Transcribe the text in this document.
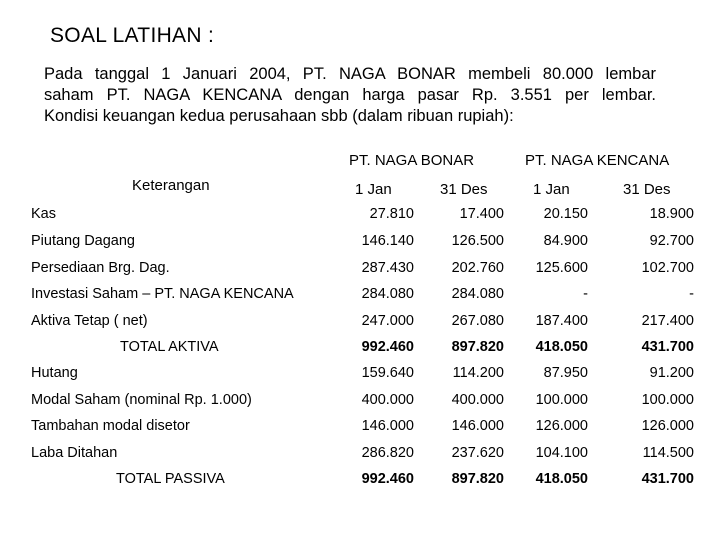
SOAL LATIHAN :
Pada tanggal 1 Januari 2004, PT. NAGA BONAR membeli 80.000 lembar
saham PT. NAGA KENCANA dengan harga pasar Rp. 3.551 per lembar.
Kondisi keuangan kedua perusahaan sbb (dalam ribuan rupiah):
PT. NAGA BONAR	PT. NAGA KENCANA
Keterangan	1 Jan	31 Des	1 Jan	31 Des
Kas	27.810	17.400	20.150	18.900
Piutang Dagang	146.140	126.500	84.900	92.700
Persediaan Brg. Dag.	287.430	202.760	125.600	102.700
Investasi Saham – PT. NAGA KENCANA	284.080	284.080	-	-
Aktiva Tetap ( net)	247.000	267.080	187.400	217.400
TOTAL AKTIVA	992.460	897.820	418.050	431.700
Hutang	159.640	114.200	87.950	91.200
Modal Saham (nominal Rp. 1.000)	400.000	400.000	100.000	100.000
Tambahan modal disetor	146.000	146.000	126.000	126.000
Laba Ditahan	286.820	237.620	104.100	114.500
TOTAL PASSIVA	992.460	897.820	418.050	431.700
